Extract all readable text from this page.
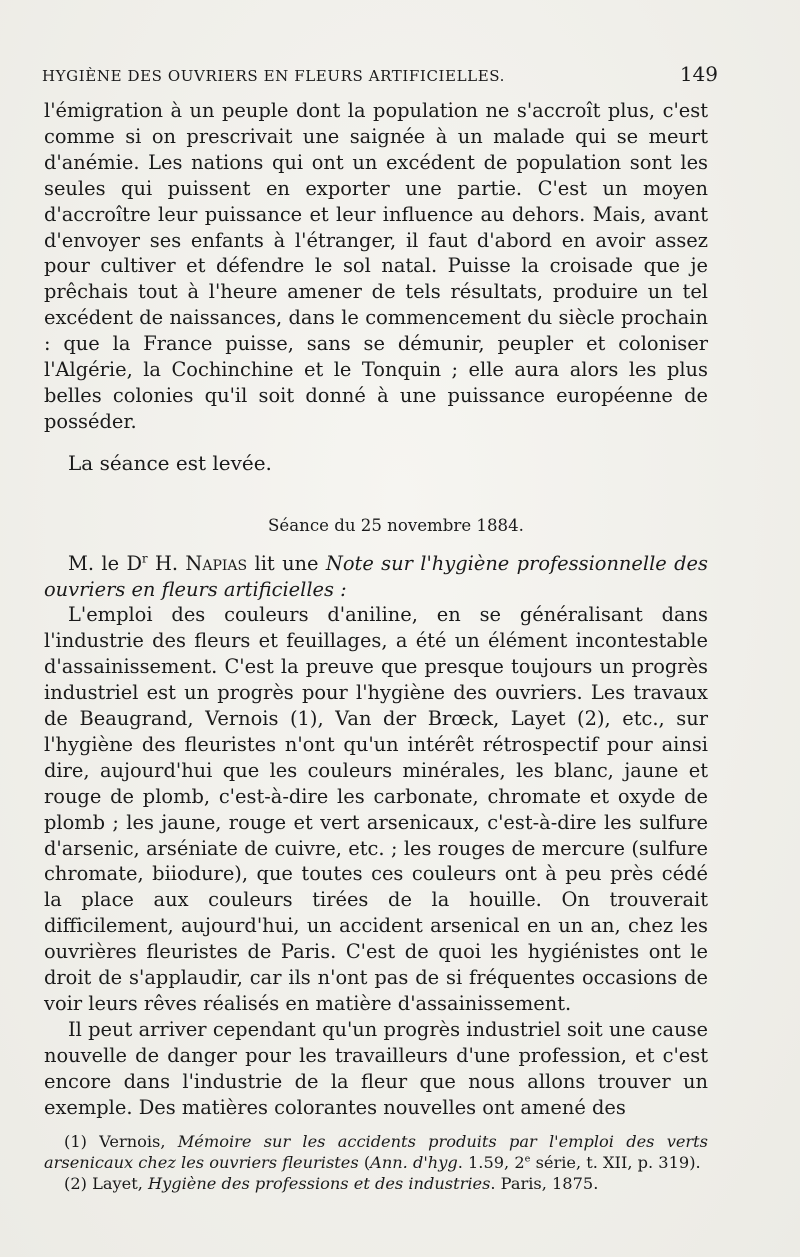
HYGIÈNE DES OUVRIERS EN FLEURS ARTIFICIELLES.	149

l'émigration à un peuple dont la population ne s'accroît plus, c'est comme si on prescrivait une saignée à un malade qui se meurt d'anémie. Les nations qui ont un excédent de population sont les seules qui puissent en exporter une partie. C'est un moyen d'accroître leur puissance et leur influence au dehors. Mais, avant d'envoyer ses enfants à l'étranger, il faut d'abord en avoir assez pour cultiver et défendre le sol natal. Puisse la croisade que je prêchais tout à l'heure amener de tels résultats, produire un tel excédent de naissances, dans le commencement du siècle prochain : que la France puisse, sans se démunir, peupler et coloniser l'Algérie, la Cochinchine et le Tonquin ; elle aura alors les plus belles colonies qu'il soit donné à une puissance européenne de posséder.

La séance est levée.

Séance du 25 novembre 1884.

M. le $D^r$ H. Napias lit une Note sur l'hygiène professionnelle des ouvriers en fleurs artificielles :

L'emploi des couleurs d'aniline, en se généralisant dans l'industrie des fleurs et feuillages, a été un élément incontestable d'assainissement. C'est la preuve que presque toujours un progrès industriel est un progrès pour l'hygiène des ouvriers. Les travaux de Beaugrand, Vernois (1), Van der Brœck, Layet (2), etc., sur l'hygiène des fleuristes n'ont qu'un intérêt rétrospectif pour ainsi dire, aujourd'hui que les couleurs minérales, les blanc, jaune et rouge de plomb, c'est-à-dire les carbonate, chromate et oxyde de plomb ; les jaune, rouge et vert arsenicaux, c'est-à-dire les sulfure d'arsenic, arséniate de cuivre, etc. ; les rouges de mercure (sulfure chromate, biiodure), que toutes ces couleurs ont à peu près cédé la place aux couleurs tirées de la houille. On trouverait difficilement, aujourd'hui, un accident arsenical en un an, chez les ouvrières fleuristes de Paris. C'est de quoi les hygiénistes ont le droit de s'applaudir, car ils n'ont pas de si fréquentes occasions de voir leurs rêves réalisés en matière d'assainissement.

Il peut arriver cependant qu'un progrès industriel soit une cause nouvelle de danger pour les travailleurs d'une profession, et c'est encore dans l'industrie de la fleur que nous allons trouver un exemple. Des matières colorantes nouvelles ont amené des

(1) Vernois, Mémoire sur les accidents produits par l'emploi des verts arsenicaux chez les ouvriers fleuristes (Ann. d'hyg. 1.59, 2e série, t. XII, p. 319).

(2) Layet, Hygiène des professions et des industries. Paris, 1875.
